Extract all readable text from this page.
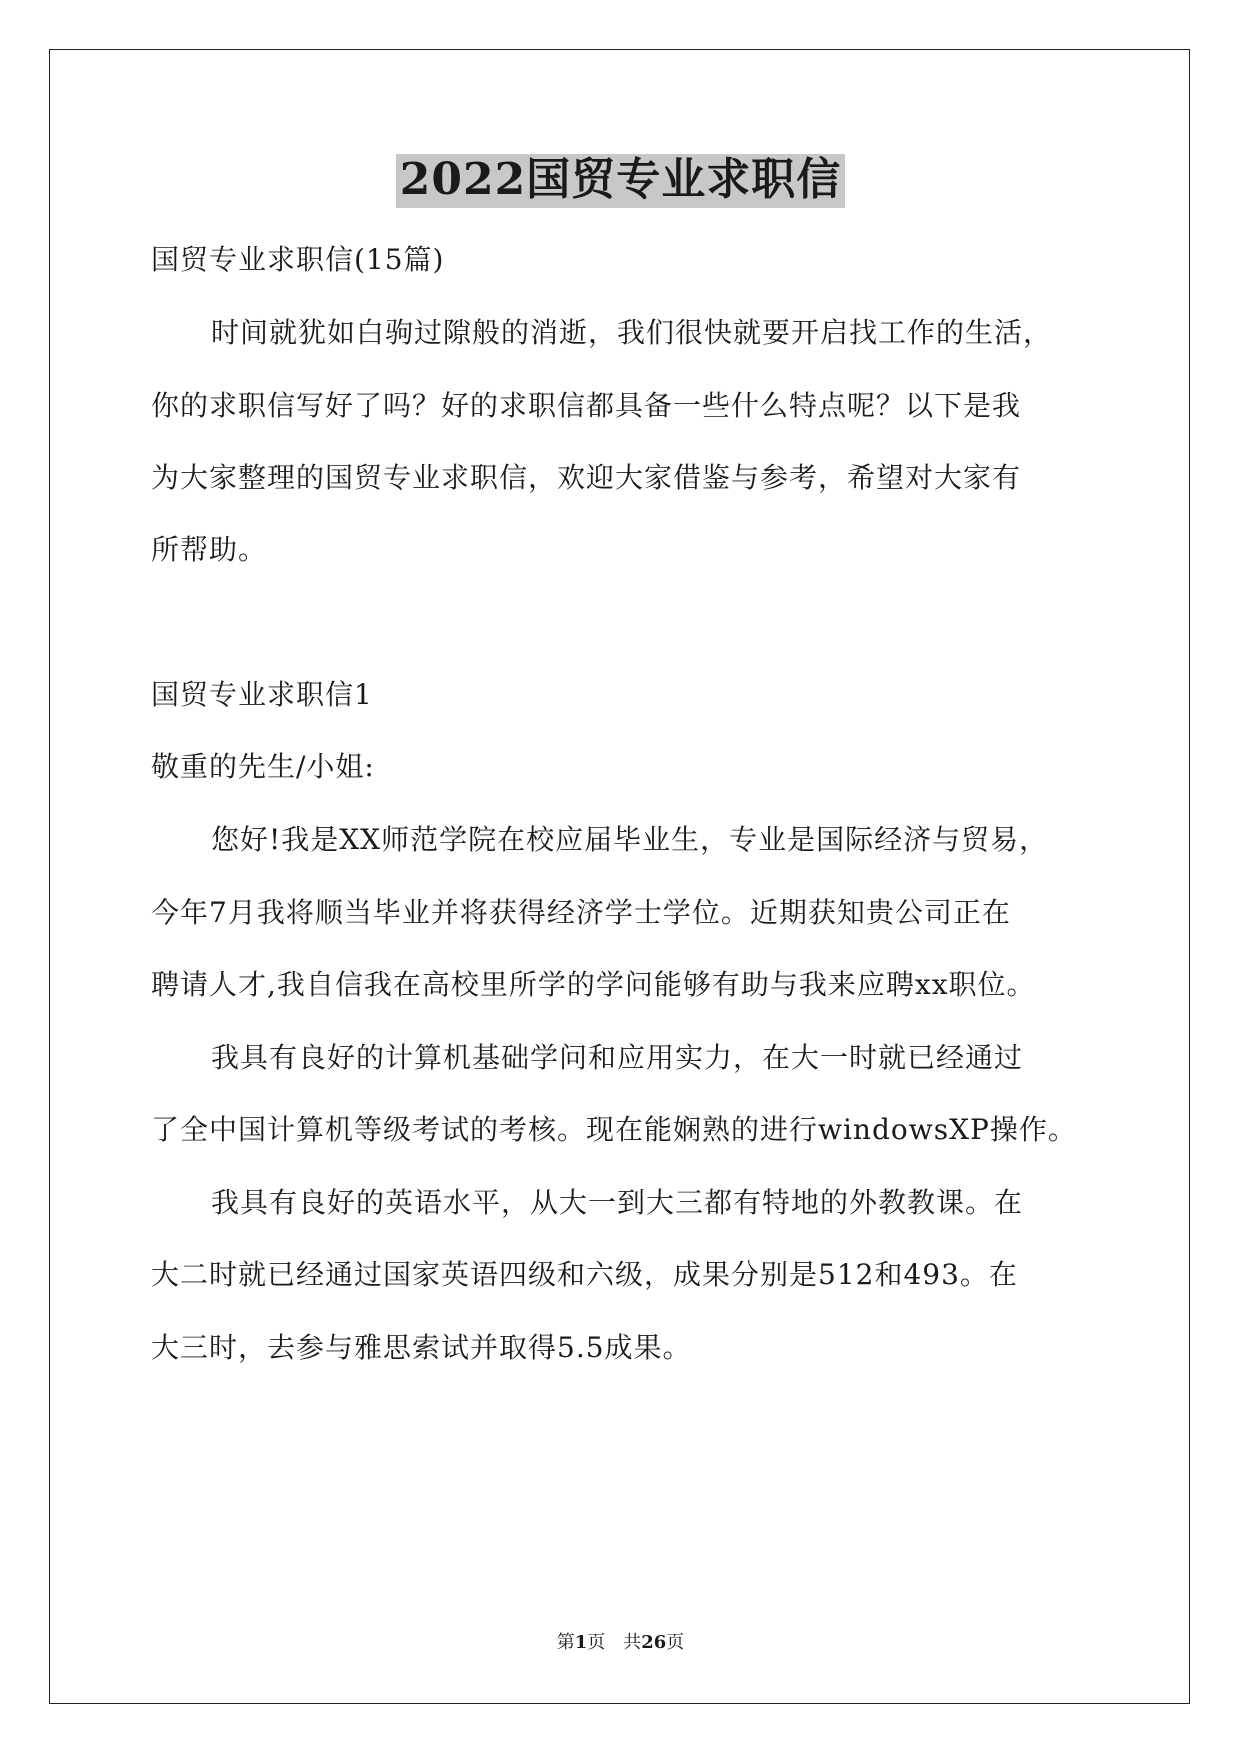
2022国贸专业求职信
国贸专业求职信(15篇)
时间就犹如白驹过隙般的消逝，我们很快就要开启找工作的生活，
你的求职信写好了吗？好的求职信都具备一些什么特点呢？以下是我
为大家整理的国贸专业求职信，欢迎大家借鉴与参考，希望对大家有
所帮助。
国贸专业求职信1
敬重的先生/小姐:
您好!我是XX师范学院在校应届毕业生，专业是国际经济与贸易，
今年7月我将顺当毕业并将获得经济学士学位。近期获知贵公司正在
聘请人才,我自信我在高校里所学的学问能够有助与我来应聘xx职位。
我具有良好的计算机基础学问和应用实力，在大一时就已经通过
了全中国计算机等级考试的考核。现在能娴熟的进行windowsXP操作。
我具有良好的英语水平，从大一到大三都有特地的外教教课。在
大二时就已经通过国家英语四级和六级，成果分别是512和493。在
大三时，去参与雅思索试并取得5.5成果。
第1页 共26页
